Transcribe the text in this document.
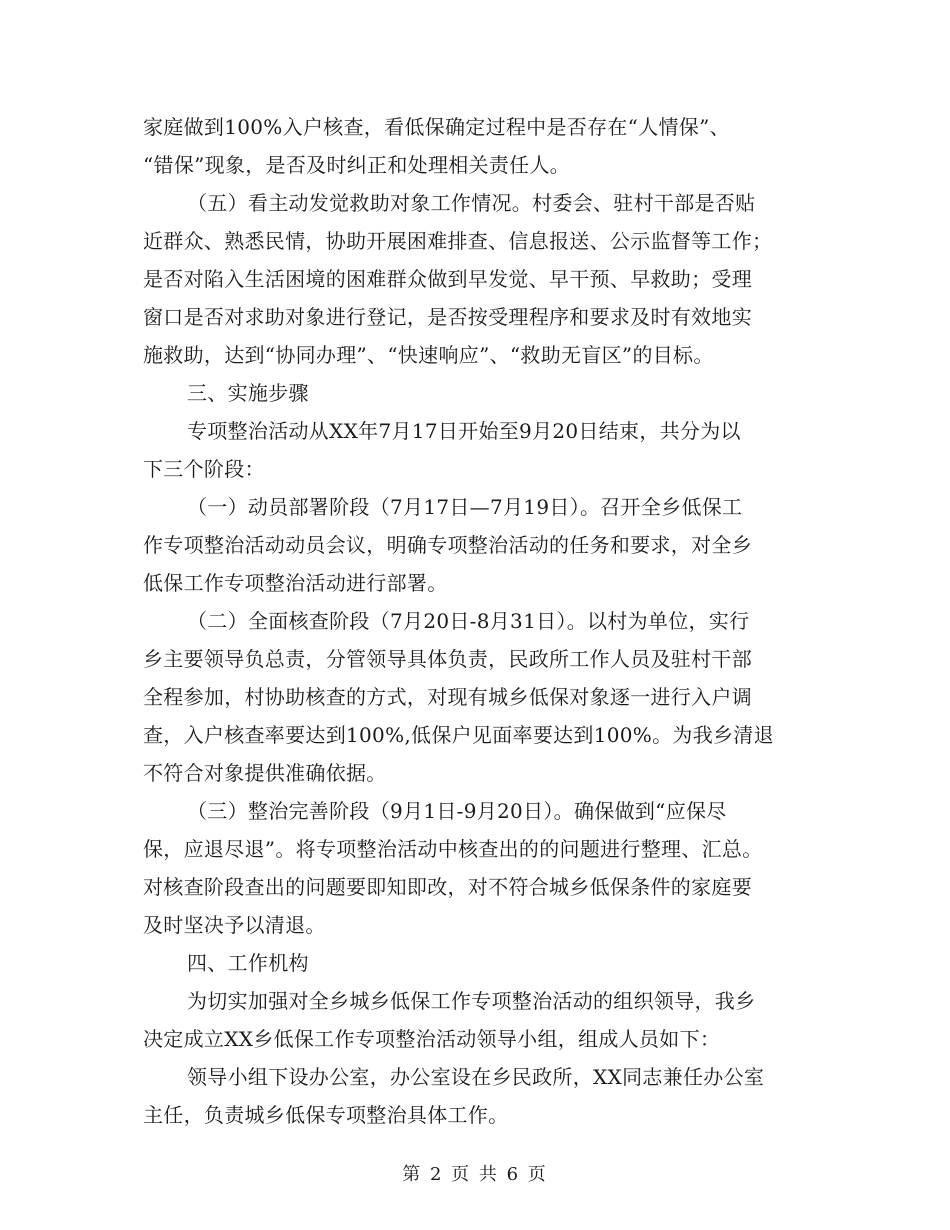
家庭做到100%入户核查，看低保确定过程中是否存在“人情保”、
“错保”现象，是否及时纠正和处理相关责任人。
（五）看主动发觉救助对象工作情况。村委会、驻村干部是否贴
近群众、熟悉民情，协助开展困难排查、信息报送、公示监督等工作；
是否对陷入生活困境的困难群众做到早发觉、早干预、早救助；受理
窗口是否对求助对象进行登记，是否按受理程序和要求及时有效地实
施救助，达到“协同办理”、“快速响应”、“救助无盲区”的目标。
三、实施步骤
专项整治活动从XX年7月17日开始至9月20日结束，共分为以
下三个阶段：
（一）动员部署阶段（7月17日—7月19日）。召开全乡低保工
作专项整治活动动员会议，明确专项整治活动的任务和要求，对全乡
低保工作专项整治活动进行部署。
（二）全面核查阶段（7月20日-8月31日）。以村为单位，实行
乡主要领导负总责，分管领导具体负责，民政所工作人员及驻村干部
全程参加，村协助核查的方式，对现有城乡低保对象逐一进行入户调
查，入户核查率要达到100%,低保户见面率要达到100%。为我乡清退
不符合对象提供准确依据。
（三）整治完善阶段（9月1日-9月20日）。确保做到“应保尽
保，应退尽退”。将专项整治活动中核查出的的问题进行整理、汇总。
对核查阶段查出的问题要即知即改，对不符合城乡低保条件的家庭要
及时坚决予以清退。
四、工作机构
为切实加强对全乡城乡低保工作专项整治活动的组织领导，我乡
决定成立XX乡低保工作专项整治活动领导小组，组成人员如下：
领导小组下设办公室，办公室设在乡民政所，XX同志兼任办公室
主任，负责城乡低保专项整治具体工作。
第 2 页 共 6 页
